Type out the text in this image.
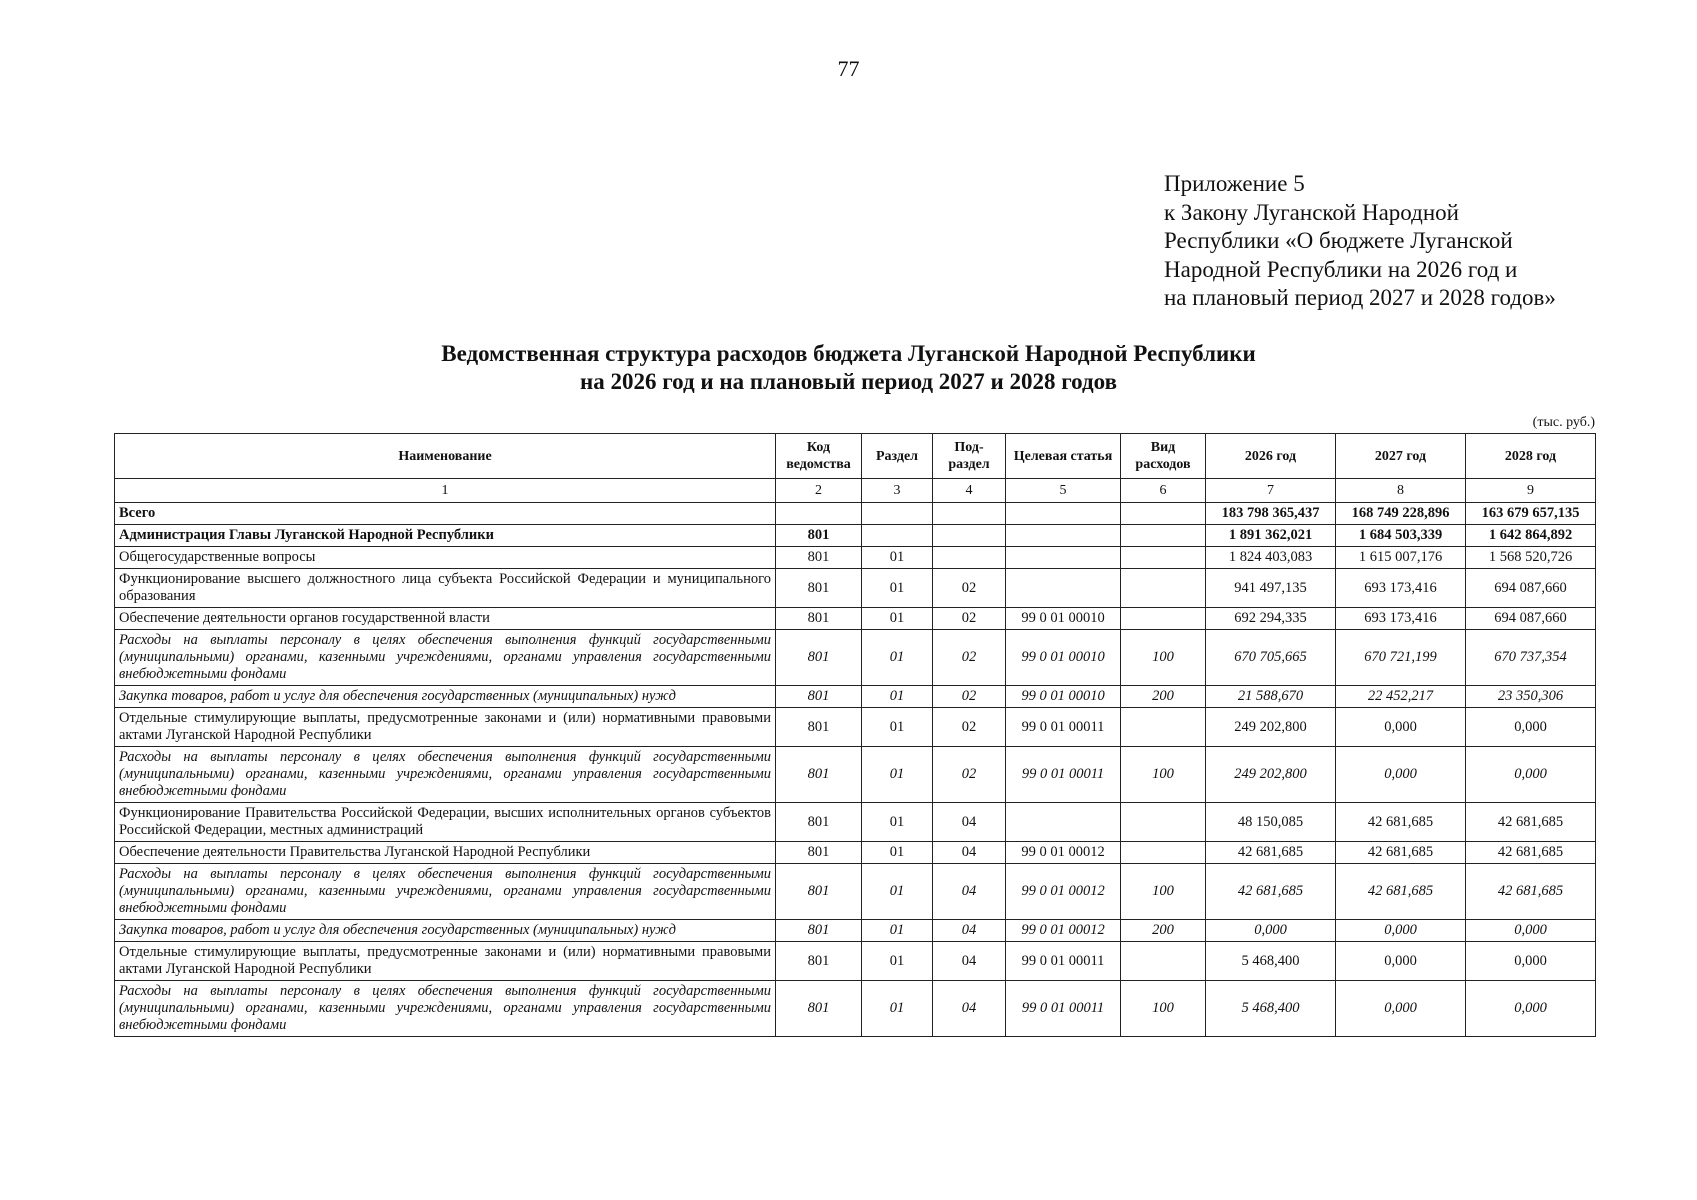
77
Приложение 5
к Закону Луганской Народной
Республики «О бюджете Луганской
Народной Республики на 2026 год и
на плановый период 2027 и 2028 годов»
Ведомственная структура расходов бюджета Луганской Народной Республики
на 2026 год и на плановый период 2027 и 2028 годов
(тыс. руб.)
Наименование	Код ведомства	Раздел	Под-раздел	Целевая статья	Вид расходов	2026 год	2027 год	2028 год
1	2	3	4	5	6	7	8	9
Всего						183 798 365,437	168 749 228,896	163 679 657,135
Администрация Главы Луганской Народной Республики	801					1 891 362,021	1 684 503,339	1 642 864,892
Общегосударственные вопросы	801	01				1 824 403,083	1 615 007,176	1 568 520,726
Функционирование высшего должностного лица субъекта Российской Федерации и муниципального образования	801	01	02			941 497,135	693 173,416	694 087,660
Обеспечение деятельности органов государственной власти	801	01	02	99 0 01 00010		692 294,335	693 173,416	694 087,660
Расходы на выплаты персоналу в целях обеспечения выполнения функций государственными (муниципальными) органами, казенными учреждениями, органами управления государственными внебюджетными фондами	801	01	02	99 0 01 00010	100	670 705,665	670 721,199	670 737,354
Закупка товаров, работ и услуг для обеспечения государственных (муниципальных) нужд	801	01	02	99 0 01 00010	200	21 588,670	22 452,217	23 350,306
Отдельные стимулирующие выплаты, предусмотренные законами и (или) нормативными правовыми актами Луганской Народной Республики	801	01	02	99 0 01 00011		249 202,800	0,000	0,000
Расходы на выплаты персоналу в целях обеспечения выполнения функций государственными (муниципальными) органами, казенными учреждениями, органами управления государственными внебюджетными фондами	801	01	02	99 0 01 00011	100	249 202,800	0,000	0,000
Функционирование Правительства Российской Федерации, высших исполнительных органов субъектов Российской Федерации, местных администраций	801	01	04			48 150,085	42 681,685	42 681,685
Обеспечение деятельности Правительства Луганской Народной Республики	801	01	04	99 0 01 00012		42 681,685	42 681,685	42 681,685
Расходы на выплаты персоналу в целях обеспечения выполнения функций государственными (муниципальными) органами, казенными учреждениями, органами управления государственными внебюджетными фондами	801	01	04	99 0 01 00012	100	42 681,685	42 681,685	42 681,685
Закупка товаров, работ и услуг для обеспечения государственных (муниципальных) нужд	801	01	04	99 0 01 00012	200	0,000	0,000	0,000
Отдельные стимулирующие выплаты, предусмотренные законами и (или) нормативными правовыми актами Луганской Народной Республики	801	01	04	99 0 01 00011		5 468,400	0,000	0,000
Расходы на выплаты персоналу в целях обеспечения выполнения функций государственными (муниципальными) органами, казенными учреждениями, органами управления государственными внебюджетными фондами	801	01	04	99 0 01 00011	100	5 468,400	0,000	0,000
